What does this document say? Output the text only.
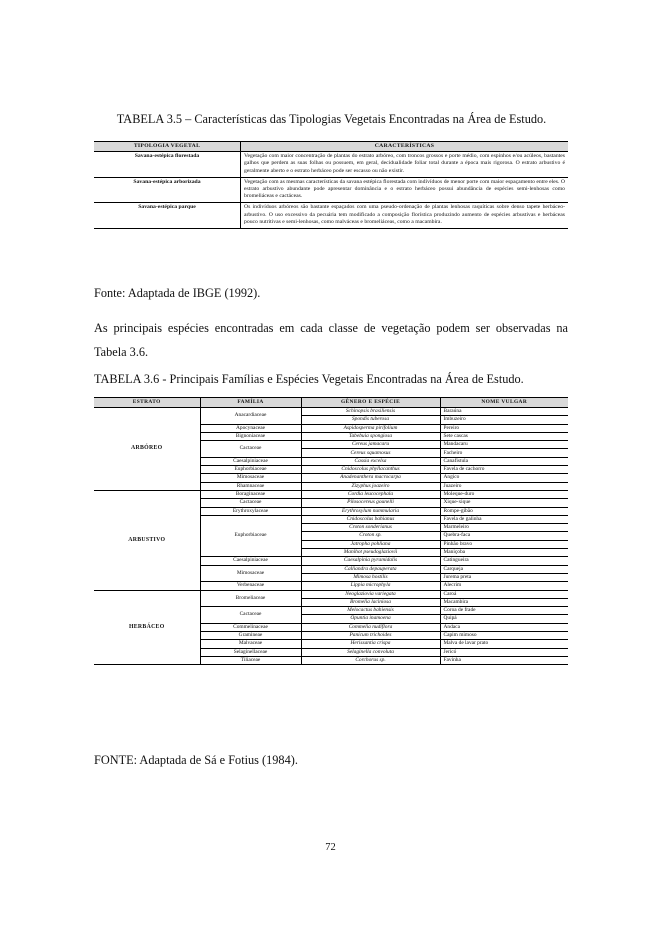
TABELA 3.5 – Características das Tipologias Vegetais Encontradas na Área de Estudo.
TIPOLOGIA VEGETAL	CARACTERÍSTICAS
Savana-estépica florestada	Vegetação com maior concentração de plantas do estrato arbóreo, com troncos grossos e porte médio, com espinhos e/ou acúleos, bastantes galhos que perdem as suas folhas ou possuem, em geral, decidualidade foliar total durante a época mais rigorosa. O estrato arbustivo é geralmente aberto e o estrato herbáceo pode ser escasso ou não existir.
Savana-estépica arborizada	Vegetação com as mesmas características da savana estépica florestada com indivíduos de menor porte com maior espaçamento entre eles. O estrato arbustivo abundante pode apresentar dominância e o estrato herbáceo possui abundância de espécies semi-lenhosas como bromeliáceas e cactáceas.
Savana-estépica parque	Os indivíduos arbóreos são bastante espaçados com uma pseudo-ordenação de plantas lenhosas raquíticas sobre denso tapete herbáceo-arbustivo. O uso excessivo da pecuária tem modificado a composição florística produzindo aumento de espécies arbustivas e herbáceas pouco nutritivas e semi-lenhosas, como malváceas e bromeliáceas, como a macambira.
Fonte: Adaptada de IBGE (1992).
As principais espécies encontradas em cada classe de vegetação podem ser observadas na Tabela 3.6.
TABELA 3.6 - Principais Famílias e Espécies Vegetais Encontradas na Área de Estudo.
ESTRATO	FAMÍLIA	GÊNERO E ESPÉCIE	NOME VULGAR
ARBÓREO	Anacardiaceae	Schinopsis brasiliensis	Baraúna
		Spondis tuberosa	Imbuzeiro
	Apocynaceae	Aspidosperma pirifolium	Pereiro
	Bignoniaceae	Tabebuia spongiosa	Sete cascas
	Cactaceae	Cereus jamacaru	Mandacaru
		Cereus squamosus	Facheiro
	Caesalpiniaceae	Cassia excelsa	Canafistula
	Euphorbiaceae	Cnidoscolus phyllacanthus	Favela de cachorro
	Mimosaceae	Anadenanthera macrocarpa	Angico
	Rhamnaceae	Zizyphus joazeiro	Juazeiro
ARBUSTIVO	Boraginaceae	Cordia leucocephala	Moleque-duro
	Cactaceae	Pilosocereus gounelli	Xique-xique
	Erythroxylaceae	Erythroxylum nummularia	Rompe-gibão
	Euphorbiaceae	Cnidoscolus bahianus	Favela de galinha
		Croton sonderianus	Marmeleiro
		Croton sp.	Quebra-faca
		Jatropha pohliana	Pinhão bravo
		Manihot pseudoglaziovii	Maniçoba
	Caesalpiniaceae	Caesalpinia pyramidalis	Catingueira
	Mimosaceae	Calliandra depauperata	Carqueja
		Mimosa hostilis	Jurema preta
	Verbenaceae	Lippia microphyla	Alecrim
HERBÁCEO	Bromeliaceae	Neoglaziovia variegata	Caroá
		Bromelia laciniosa	Macambira
	Cactaceae	Melocactus bahiensis	Coroa de frade
		Opuntia inamoena	Quipá
	Commelinaceae	Commelia nudiflora	Andaca
	Gramineae	Panicum trichoides	Capim mimoso
	Malvaceae	Herissantia crispa	Malva de lavar prato
	Selaginellaceae	Selaginella convoluta	Jericó
	Tiliaceae	Corchorus sp.	Favinha
FONTE: Adaptada de Sá e Fotius (1984).
72
